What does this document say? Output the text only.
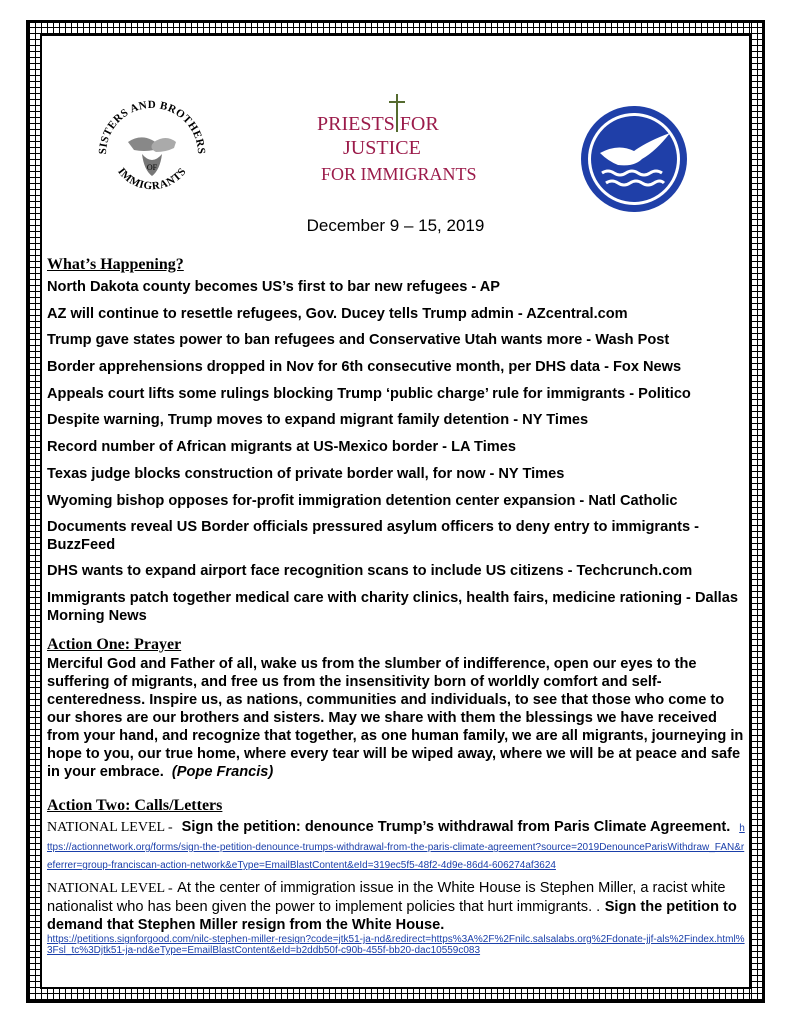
SISTERS AND BROTHERS
IMMIGRANTS
OF
PRIESTS FOR
JUSTICE
FOR IMMIGRANTS
December 9 – 15, 2019
What’s Happening?
North Dakota county becomes US’s first to bar new refugees - AP
AZ will continue to resettle refugees, Gov. Ducey tells Trump admin - AZcentral.com
Trump gave states power to ban refugees and Conservative Utah wants more - Wash Post
Border apprehensions dropped in Nov for 6th consecutive month, per DHS data - Fox News
Appeals court lifts some rulings blocking Trump ‘public charge’ rule for immigrants - Politico
Despite warning, Trump moves to expand migrant family detention - NY Times
Record number of African migrants at US-Mexico border - LA Times
Texas judge blocks construction of private border wall, for now - NY Times
Wyoming bishop opposes for-profit immigration detention center expansion - Natl Catholic
Documents reveal US Border officials pressured asylum officers to deny entry to immigrants - BuzzFeed
DHS wants to expand airport face recognition scans to include US citizens - Techcrunch.com
Immigrants patch together medical care with charity clinics, health fairs, medicine rationing - Dallas Morning News
Action One: Prayer

Merciful God and Father of all, wake us from the slumber of indifference, open our eyes to the suffering of migrants, and free us from the insensitivity born of worldly comfort and self-centeredness. Inspire us, as nations, communities and individuals, to see that those who come to our shores are our brothers and sisters. May we share with them the blessings we have received from your hand, and recognize that together, as one human family, we are all migrants, journeying in hope to you, our true home, where every tear will be wiped away, where we will be at peace and safe in your embrace. (Pope Francis)

Action Two: Calls/Letters
NATIONAL LEVEL - Sign the petition: denounce Trump’s withdrawal from Paris Climate Agreement. https://actionnetwork.org/forms/sign-the-petition-denounce-trumps-withdrawal-from-the-paris-climate-agreement?source=2019DenounceParisWithdraw_FAN&referrer=group-franciscan-action-network&eType=EmailBlastContent&eId=319ec5f5-48f2-4d9e-86d4-606274af3624
NATIONAL LEVEL - At the center of immigration issue in the White House is Stephen Miller, a racist white nationalist who has been given the power to implement policies that hurt immigrants. . Sign the petition to demand that Stephen Miller resign from the White House.
https://petitions.signforgood.com/nilc-stephen-miller-resign?code=jtk51-ja-nd&redirect=https%3A%2F%2Fnilc.salsalabs.org%2Fdonate-jjf-als%2Findex.html%3Fsl_tc%3Djtk51-ja-nd&eType=EmailBlastContent&eId=b2ddb50f-c90b-455f-bb20-dac10559c083
